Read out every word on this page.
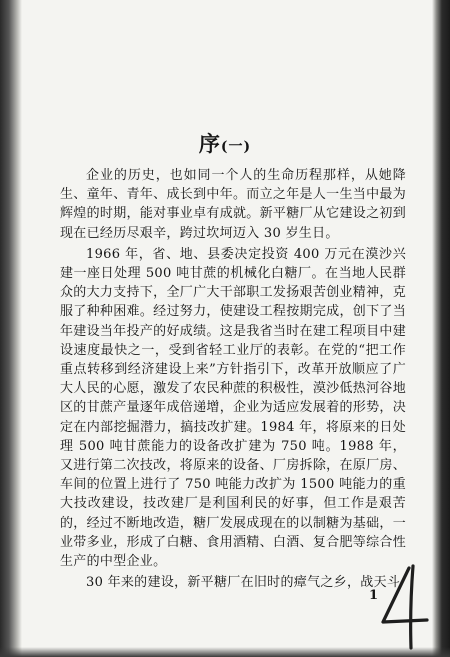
序(一)

企业的历史，也如同一个人的生命历程那样，从她降生、童年、青年、成长到中年。而立之年是人一生当中最为辉煌的时期，能对事业卓有成就。新平糖厂从它建设之初到现在已经历尽艰辛，跨过坎坷迈入 30 岁生日。

1966 年，省、地、县委决定投资 400 万元在漠沙兴建一座日处理 500 吨甘蔗的机械化白糖厂。在当地人民群众的大力支持下，全厂广大干部职工发扬艰苦创业精神，克服了种种困难。经过努力，使建设工程按期完成，创下了当年建设当年投产的好成绩。这是我省当时在建工程项目中建设速度最快之一，受到省轻工业厅的表彰。在党的“把工作重点转移到经济建设上来”方针指引下，改革开放顺应了广大人民的心愿，激发了农民种蔗的积极性，漠沙低热河谷地区的甘蔗产量逐年成倍递增，企业为适应发展着的形势，决定在内部挖掘潜力，搞技改扩建。1984 年，将原来的日处理 500 吨甘蔗能力的设备改扩建为 750 吨。1988 年，又进行第二次技改，将原来的设备、厂房拆除，在原厂房、车间的位置上进行了 750 吨能力改扩为 1500 吨能力的重大技改建设，技改建厂是利国利民的好事，但工作是艰苦的，经过不断地改造，糖厂发展成现在的以制糖为基础，一业带多业，形成了白糖、食用酒精、白酒、复合肥等综合性生产的中型企业。

30 年来的建设，新平糖厂在旧时的瘴气之乡，战天斗

1
